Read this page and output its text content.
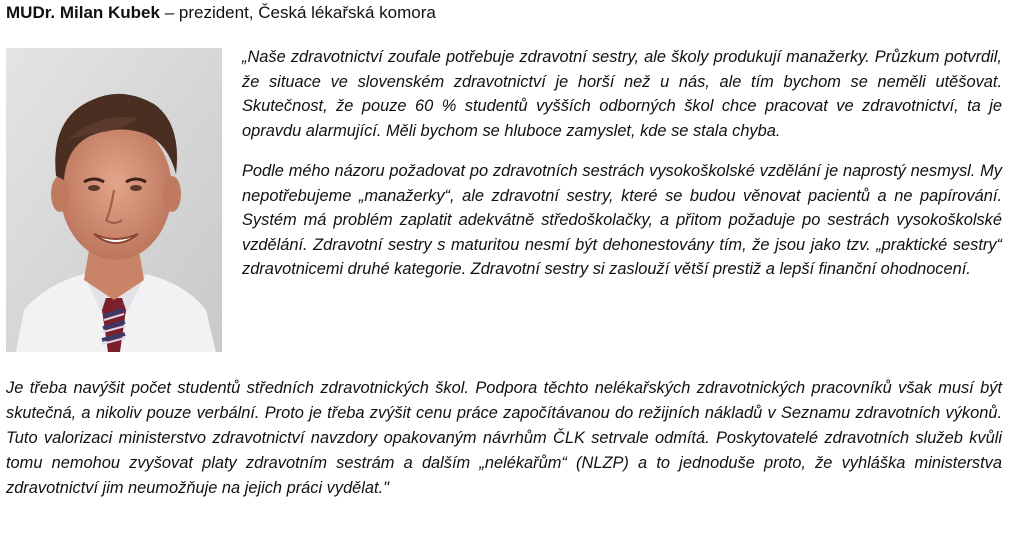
MUDr. Milan Kubek – prezident, Česká lékařská komora

„Naše zdravotnictví zoufale potřebuje zdravotní sestry, ale školy produkují manažerky. Průzkum potvrdil, že situace ve slovenském zdravotnictví je horší než u nás, ale tím bychom se neměli utěšovat. Skutečnost, že pouze 60 % studentů vyšších odborných škol chce pracovat ve zdravotnictví, ta je opravdu alarmující. Měli bychom se hluboce zamyslet, kde se stala chyba.

Podle mého názoru požadovat po zdravotních sestrách vysokoškolské vzdělání je naprostý nesmysl. My nepotřebujeme „manažerky“, ale zdravotní sestry, které se budou věnovat pacientů a ne papírování. Systém má problém zaplatit adekvátně středoškolačky, a přitom požaduje po sestrách vysokoškolské vzdělání. Zdravotní sestry s maturitou nesmí být dehonestovány tím, že jsou jako tzv. „praktické sestry“ zdravotnicemi druhé kategorie. Zdravotní sestry si zaslouží větší prestiž a lepší finanční ohodnocení.

Je třeba navýšit počet studentů středních zdravotnických škol. Podpora těchto nelékařských zdravotnických pracovníků však musí být skutečná, a nikoliv pouze verbální. Proto je třeba zvýšit cenu práce započítávanou do režijních nákladů v Seznamu zdravotních výkonů. Tuto valorizaci ministerstvo zdravotnictví navzdory opakovaným návrhům ČLK setrvale odmítá. Poskytovatelé zdravotních služeb kvůli tomu nemohou zvyšovat platy zdravotním sestrám a dalším „nelékařům“ (NLZP) a to jednoduše proto, že vyhláška ministerstva zdravotnictví jim neumožňuje na jejich práci vydělat."
